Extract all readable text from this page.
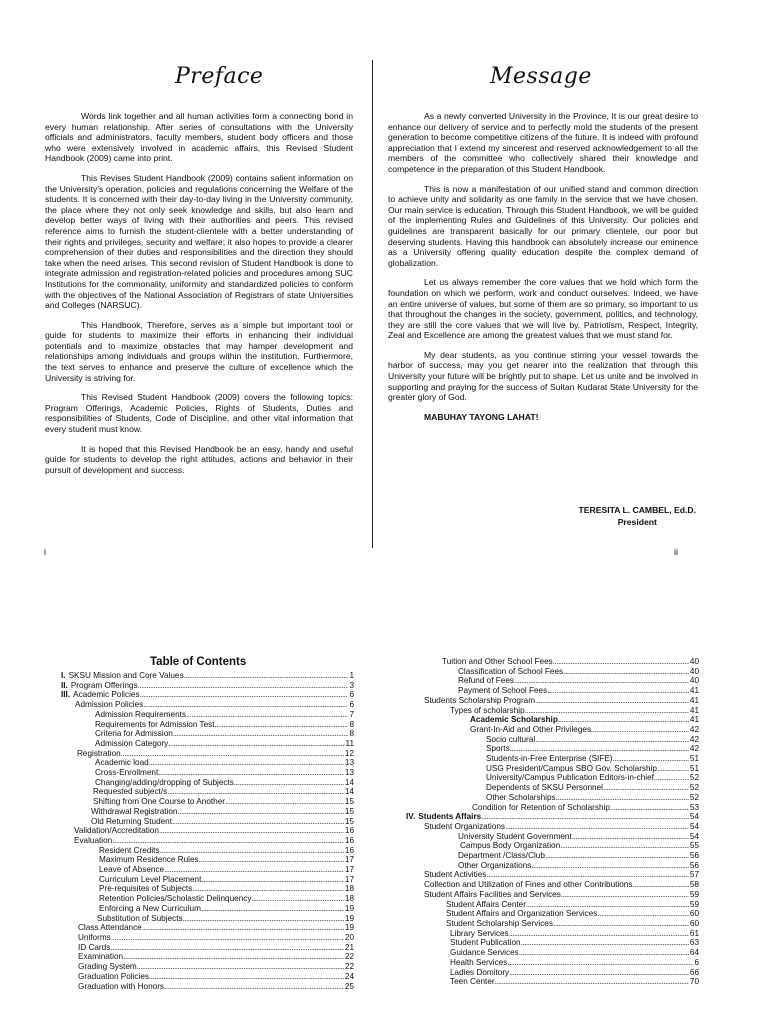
Preface

Words link together and all human activities form a connecting bond in every human relationship. After series of consultations with the University officials and administrators, faculty members, student body officers and those who were extensively involved in academic affairs, this Revised Student Handbook (2009) came into print.

This Revises Student Handbook (2009) contains salient information on the University's operation, policies and regulations concerning the Welfare of the students. It is concerned with their day-to-day living in the University community, the place where they not only seek knowledge and skills, but also learn and develop better ways of living with their authorities and peers. This revised reference aims to furnish the student-clientele with a better understanding of their rights and privileges, security and welfare; it also hopes to provide a clearer comprehension of their duties and responsibilities and the direction they should take when the need arises. This second revision of Student Handbook is done to integrate admission and registration-related policies and procedures among SUC Institutions for the commonality, uniformity and standardized policies to conform with the objectives of the National Association of Registrars of state Universities and Colleges (NARSUC).

This Handbook, Therefore, serves as a simple but important tool or guide for students to maximize their efforts in enhancing their individual potentials and to maximize obstacles that may hamper development and relationships among individuals and groups within the institution. Furthermore, the text serves to enhance and preserve the culture of excellence which the University is striving for.

This Revised Student Handbook (2009) covers the following topics: Program Offerings, Academic Policies, Rights of Students, Duties and responsibilities of Students, Code of Discipline, and other vital information that every student must know.

It is hoped that this Revised Handbook be an easy, handy and useful guide for students to develop the right attitudes, actions and behavior in their pursuit of development and success.

i
Message

As a newly converted University in the Province, It is our great desire to enhance our delivery of service and to perfectly mold the students of the present generation to become competitive citizens of the future. It is indeed with profound appreciation that I extend my sincerest and reserved acknowledgement to all the members of the committee who collectively shared their knowledge and competence in the preparation of this Student Handbook.

This is now a manifestation of our unified stand and common direction to achieve unity and solidarity as one family in the service that we have chosen. Our main service is education. Through this Student Handbook, we will be guided of the implementing Rules and Guidelines of this University. Our policies and guidelines are transparent basically for our primary clientele, our poor but deserving students. Having this handbook can absolutely increase our eminence as a University offering quality education despite the complex demand of globalization.

Let us always remember the core values that we hold which form the foundation on which we perform, work and conduct ourselves. Indeed, we have an entire universe of values, but some of them are so primary, so important to us that throughout the changes in the society, government, politics, and technology, they are still the core values that we will live by. Patriotism, Respect, Integrity, Zeal and Excellence are among the greatest values that we must stand for.

My dear students, as you continue stirring your vessel towards the harbor of success, may you get nearer into the realization that through this University your future will be brightly put to shape. Let us unite and be involved in supporting and praying for the success of Sultan Kudarat State University for the greater glory of God.

MABUHAY TAYONG LAHAT!

TERESITA L. CAMBEL, Ed.D.
President
ii
Table of Contents
I. SKSU Mission and Core Values .....	1
II. Program Offerings .....	3
III. Academic Policies .....	6
Admission Policies .....	6
Admission Requirements .....	7
Requirements for Admission Test .....	8
Criteria for Admission .....	8
Admission Category .....	11
Registration .....	12
Academic load .....	13
Cross-Enrollment .....	13
Changing/adding/dropping of Subjects .....	14
Requested subject/s .....	14
Shifting from One Course to Another .....	15
Withdrawal Registration .....	15
Old Returning Student .....	15
Validation/Accreditation .....	16
Evaluation .....	16
Resident Credits .....	16
Maximum Residence Rules .....	17
Leave of Absence .....	17
Curriculum Level Placement .....	17
Pre-requisites of Subjects .....	18
Retention Policies/Scholastic Delinquency .....	18
Enforcing a New Curriculum .....	19
Substitution of Subjects .....	19
Class Attendance .....	19
Uniforms .....	20
ID Cards .....	21
Examination .....	22
Grading System .....	22
Graduation Policies .....	24
Graduation with Honors .....	25
Tuition and Other School Fees .....	40
Classification of School Fees .....	40
Refund of Fees .....	40
Payment of School Fees .....	41
Students Scholarship Program .....	41
Types of scholarship .....	41
Academic Scholarship .....	41
Grant-In-Aid and Other Privileges .....	42
Socio cultural .....	42
Sports .....	42
Students-in-Free Enterprise (SIFE) .....	51
USG President/Campus SBO Gov. Scholarship .....	51
University/Campus Publication Editors-in-chief .....	52
Dependents of SKSU Personnel .....	52
Other Scholarships .....	52
Condition for Retention of Scholarship .....	53
IV. Students Affairs .....	54
Student Organizations .....	54
University Student Government .....	54
Campus Body Organization .....	55
Department /Class/Club .....	56
Other Organizations .....	56
Student Activities .....	57
Collection and Utilization of Fines and other Contributions .....	58
Student Affairs Facilities and Services .....	59
Student Affairs Center .....	59
Student Affairs and Organization Services .....	60
Student Scholarship Services .....	60
Library Services .....	61
Student Publication .....	63
Guidance Services .....	64
Health Services .....	6
Ladies Domitory .....	66
Teen Center .....	70
